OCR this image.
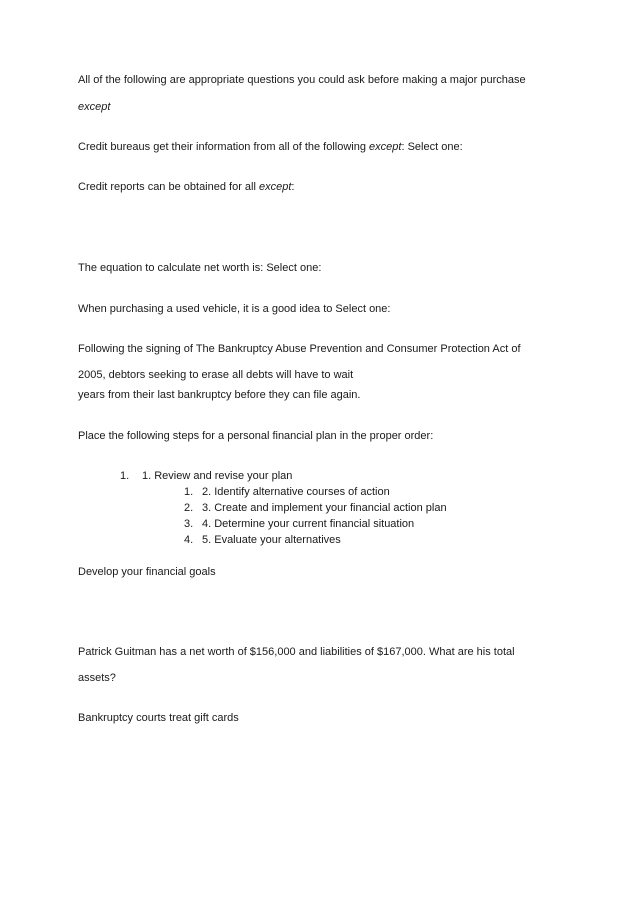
All of the following are appropriate questions you could ask before making a major purchase
except
Credit bureaus get their information from all of the following except: Select one:
Credit reports can be obtained for all except:
The equation to calculate net worth is: Select one:
When purchasing a used vehicle, it is a good idea to Select one:
Following the signing of The Bankruptcy Abuse Prevention and Consumer Protection Act of
2005, debtors seeking to erase all debts will have to wait
years from their last bankruptcy before they can file again.
Place the following steps for a personal financial plan in the proper order:
1. 1. Review and revise your plan
1. 2. Identify alternative courses of action
2. 3. Create and implement your financial action plan
3. 4. Determine your current financial situation
4. 5. Evaluate your alternatives
Develop your financial goals
Patrick Guitman has a net worth of $156,000 and liabilities of $167,000. What are his total
assets?
Bankruptcy courts treat gift cards
